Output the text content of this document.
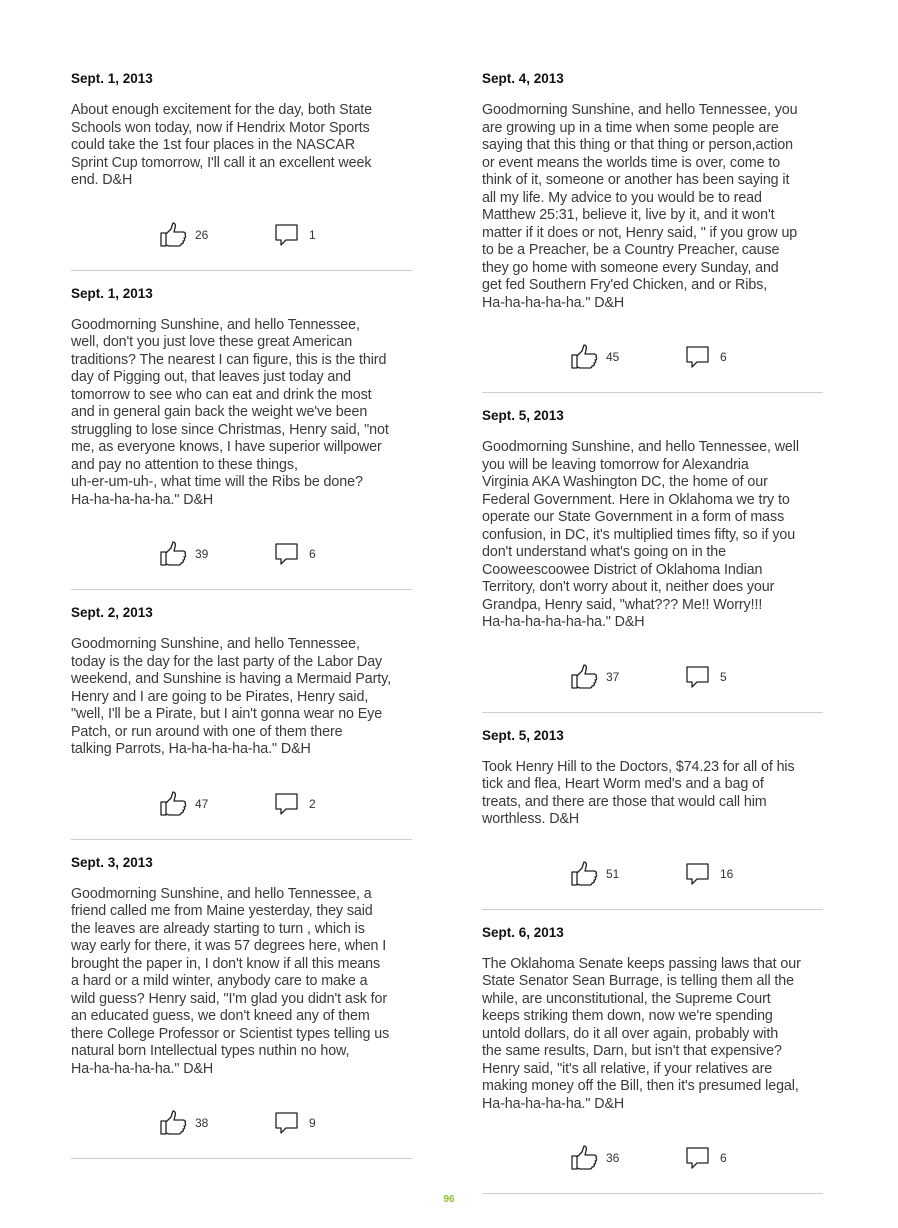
Sept. 1, 2013

About enough excitement for the day, both State
Schools won today, now if Hendrix Motor Sports
could take the 1st four places in the NASCAR
Sprint Cup tomorrow, I'll call it an excellent week
end. D&H

26	1
Sept. 1, 2013

Goodmorning Sunshine, and hello Tennessee,
well, don't you just love these great American
traditions? The nearest I can figure, this is the third
day of Pigging out, that leaves just today and
tomorrow to see who can eat and drink the most
and in general gain back the weight we've been
struggling to lose since Christmas, Henry said, "not
me, as everyone knows, I have superior willpower
and pay no attention to these things,
uh-er-um-uh-, what time will the Ribs be done?
Ha-ha-ha-ha-ha." D&H

39	6
Sept. 2, 2013

Goodmorning Sunshine, and hello Tennessee,
today is the day for the last party of the Labor Day
weekend, and Sunshine is having a Mermaid Party,
Henry and I are going to be Pirates, Henry said,
"well, I'll be a Pirate, but I ain't gonna wear no Eye
Patch, or run around with one of them there
talking Parrots, Ha-ha-ha-ha-ha." D&H

47	2
Sept. 3, 2013

Goodmorning Sunshine, and hello Tennessee, a
friend called me from Maine yesterday, they said
the leaves are already starting to turn , which is
way early for there, it was 57 degrees here, when I
brought the paper in, I don't know if all this means
a hard or a mild winter, anybody care to make a
wild guess? Henry said, "I'm glad you didn't ask for
an educated guess, we don't kneed any of them
there College Professor or Scientist types telling us
natural born Intellectual types nuthin no how,
Ha-ha-ha-ha-ha." D&H

38	9
Sept. 4, 2013

Goodmorning Sunshine, and hello Tennessee, you
are growing up in a time when some people are
saying that this thing or that thing or person,action
or event means the worlds time is over, come to
think of it, someone or another has been saying it
all my life. My advice to you would be to read
Matthew 25:31, believe it, live by it, and it won't
matter if it does or not, Henry said, " if you grow up
to be a Preacher, be a Country Preacher, cause
they go home with someone every Sunday, and
get fed Southern Fry'ed Chicken, and or Ribs,
Ha-ha-ha-ha-ha." D&H

45	6
Sept. 5, 2013

Goodmorning Sunshine, and hello Tennessee, well
you will be leaving tomorrow for Alexandria
Virginia AKA Washington DC, the home of our
Federal Government. Here in Oklahoma we try to
operate our State Government in a form of mass
confusion, in DC, it's multiplied times fifty, so if you
don't understand what's going on in the
Cooweescoowee District of Oklahoma Indian
Territory, don't worry about it, neither does your
Grandpa, Henry said, "what??? Me!! Worry!!!
Ha-ha-ha-ha-ha-ha." D&H

37	5
Sept. 5, 2013

Took Henry Hill to the Doctors, $74.23 for all of his
tick and flea, Heart Worm med's and a bag of
treats, and there are those that would call him
worthless. D&H

51	16
Sept. 6, 2013

The Oklahoma Senate keeps passing laws that our
State Senator Sean Burrage, is telling them all the
while, are unconstitutional, the Supreme Court
keeps striking them down, now we're spending
untold dollars, do it all over again, probably with
the same results, Darn, but isn't that expensive?
Henry said, "it's all relative, if your relatives are
making money off the Bill, then it's presumed legal,
Ha-ha-ha-ha-ha." D&H

36	6
96
